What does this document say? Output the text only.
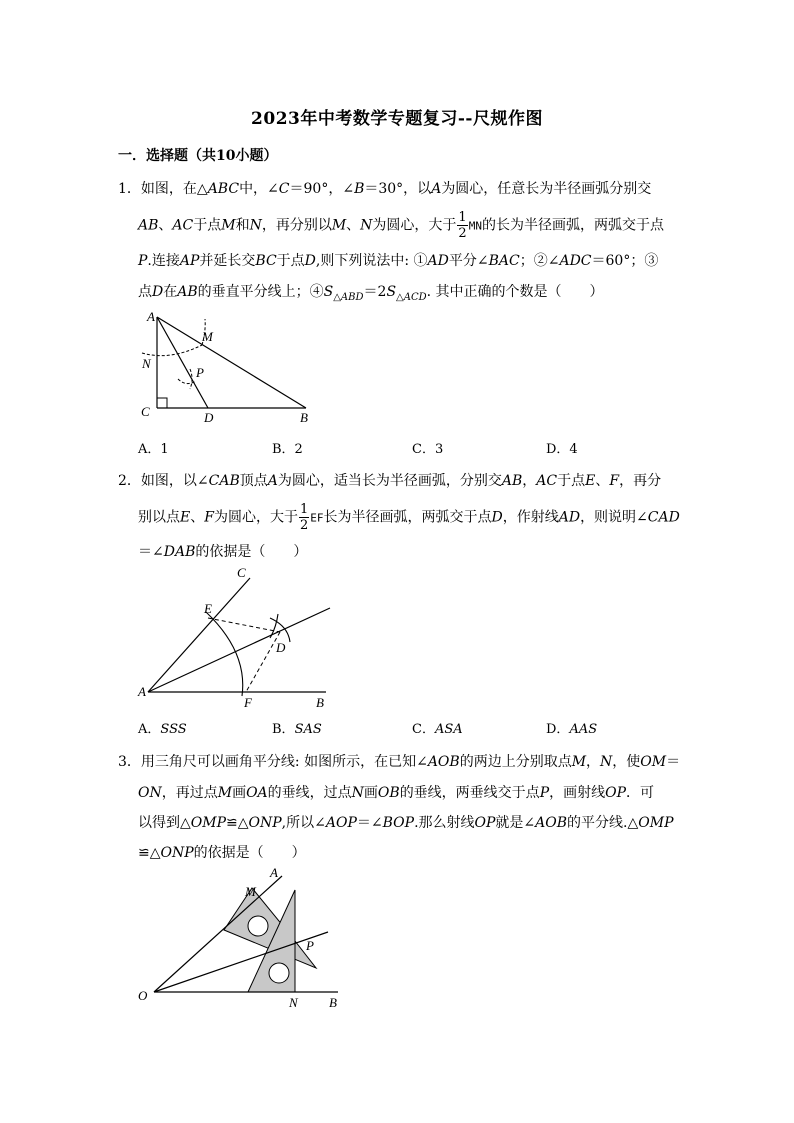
2023年中考数学专题复习--尺规作图
一．选择题（共10小题）
1．如图，在△ABC中，∠C＝90°，∠B＝30°，以A为圆心，任意长为半径画弧分别交
AB、AC于点M和N，再分别以M、N为圆心，大于 $\frac{1}{2}$ MN的长为半径画弧，两弧交于点
P.连接AP并延长交BC于点D,则下列说法中: ①AD平分∠BAC；②∠ADC＝60°；③
点D在AB的垂直平分线上；$④S_{\triangle ABD}=2S_{\triangle ACD}$. 其中正确的个数是（　　）
A
M
N
P
C	D	B
A．1	B．2	C．3	D．4
2．如图，以∠CAB顶点A为圆心，适当长为半径画弧，分别交AB，AC于点E、F，再分
别以点E、F为圆心，大于 $\frac{1}{2}$ EF长为半径画弧，两弧交于点D，作射线AD，则说明∠CAD
＝∠DAB的依据是（　　）
C
E
D
A
F	B
A．SSS	B．SAS	C．ASA	D．AAS
3．用三角尺可以画角平分线: 如图所示，在已知∠AOB的两边上分别取点M，N，使OM＝
ON，再过点M画OA的垂线，过点N画OB的垂线，两垂线交于点P，画射线OP．可
以得到△OMP≌△ONP,所以∠AOP＝∠BOP.那么射线OP就是∠AOB的平分线.△OMP
≌△ONP的依据是（　　）
A
M
P
O	N B
